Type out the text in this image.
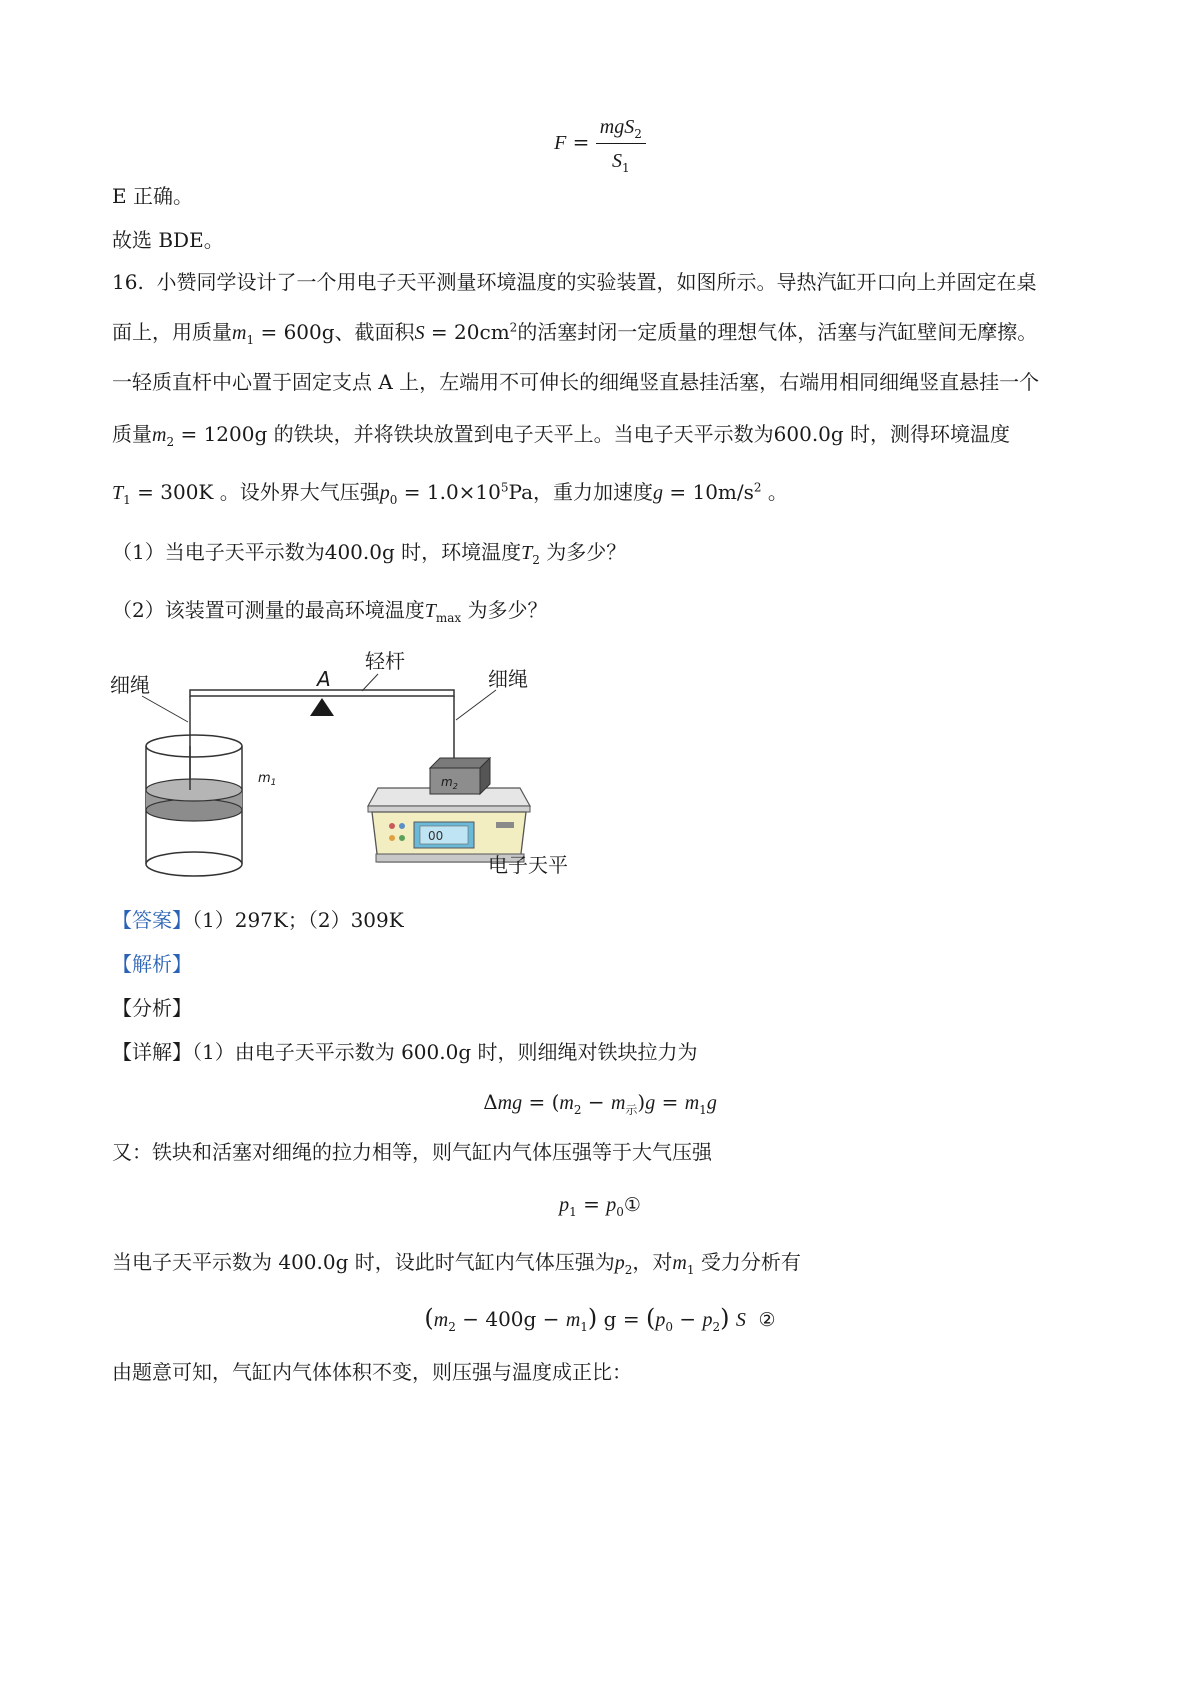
$F = \frac{mgS_2}{S_1}$
E 正确。
故选 BDE。
16. 小赞同学设计了一个用电子天平测量环境温度的实验装置，如图所示。导热汽缸开口向上并固定在桌
面上，用质量$m_1 = 600g$、截面积$S = 20cm^2$的活塞封闭一定质量的理想气体，活塞与汽缸壁间无摩擦。
一轻质直杆中心置于固定支点 A 上，左端用不可伸长的细绳竖直悬挂活塞，右端用相同细绳竖直悬挂一个
质量$m_2 = 1200g$ 的铁块，并将铁块放置到电子天平上。当电子天平示数为600.0g 时，测得环境温度
$T_1 = 300K$ 。设外界大气压强$p_0 = 1.0\times 10^5Pa$，重力加速度$g = 10m/s^2$ 。
（1）当电子天平示数为400.0g 时，环境温度$T_2$ 为多少？
（2）该装置可测量的最高环境温度$T_{max}$ 为多少？
细绳	A
轻杆
细绳
$m_1$
00
$m_2$
电子天平
【答案】（1）297K；（2）309K
【解析】
【分析】
【详解】（1）由电子天平示数为 600.0g 时，则细绳对铁块拉力为
$\Delta mg = (m_2 - m_示)g = m_1g$
又：铁块和活塞对细绳的拉力相等，则气缸内气体压强等于大气压强
$p_1$ = $p_0①$
当电子天平示数为 400.0g 时，设此时气缸内气体压强为$p_2$，对$m_1$ 受力分析有
$(m_2 - 400g - m_1) g = (p_0 - p_2)$ S ②
由题意可知，气缸内气体体积不变，则压强与温度成正比：
